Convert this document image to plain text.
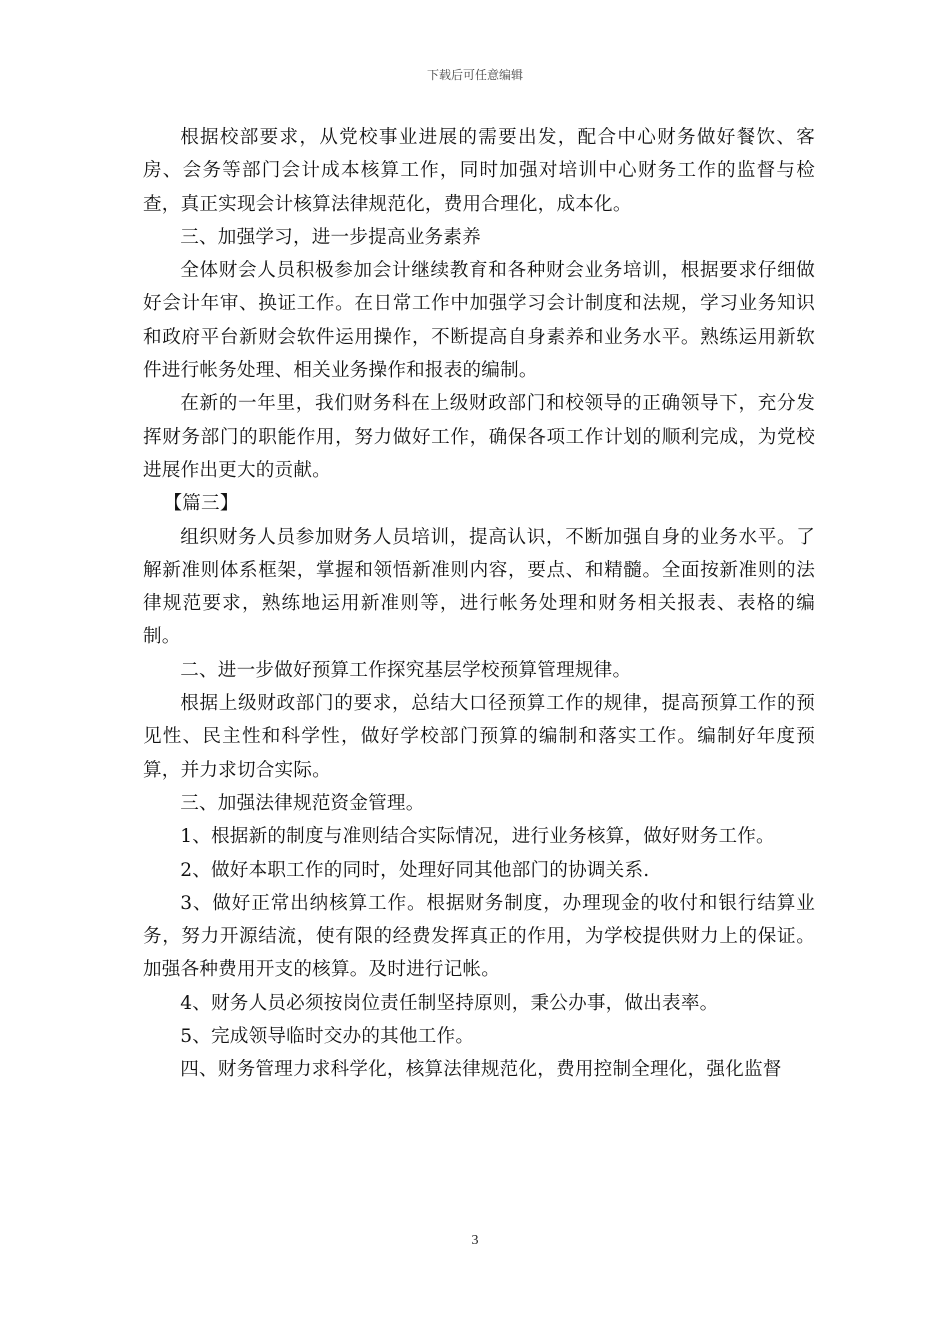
下载后可任意编辑

根据校部要求，从党校事业进展的需要出发，配合中心财务做好餐饮、客房、会务等部门会计成本核算工作，同时加强对培训中心财务工作的监督与检查，真正实现会计核算法律规范化，费用合理化，成本化。

三、加强学习，进一步提高业务素养

全体财会人员积极参加会计继续教育和各种财会业务培训，根据要求仔细做好会计年审、换证工作。在日常工作中加强学习会计制度和法规，学习业务知识和政府平台新财会软件运用操作，不断提高自身素养和业务水平。熟练运用新软件进行帐务处理、相关业务操作和报表的编制。

在新的一年里，我们财务科在上级财政部门和校领导的正确领导下，充分发挥财务部门的职能作用，努力做好工作，确保各项工作计划的顺利完成，为党校进展作出更大的贡献。

【篇三】

组织财务人员参加财务人员培训，提高认识，不断加强自身的业务水平。了解新准则体系框架，掌握和领悟新准则内容，要点、和精髓。全面按新准则的法律规范要求，熟练地运用新准则等，进行帐务处理和财务相关报表、表格的编制。

二、进一步做好预算工作探究基层学校预算管理规律。

根据上级财政部门的要求，总结大口径预算工作的规律，提高预算工作的预见性、民主性和科学性，做好学校部门预算的编制和落实工作。编制好年度预算，并力求切合实际。

三、加强法律规范资金管理。

1、根据新的制度与准则结合实际情况，进行业务核算，做好财务工作。

2、做好本职工作的同时，处理好同其他部门的协调关系.

3、做好正常出纳核算工作。根据财务制度，办理现金的收付和银行结算业务，努力开源结流，使有限的经费发挥真正的作用，为学校提供财力上的保证。加强各种费用开支的核算。及时进行记帐。

4、财务人员必须按岗位责任制坚持原则，秉公办事，做出表率。

5、完成领导临时交办的其他工作。

四、财务管理力求科学化，核算法律规范化，费用控制全理化，强化监督

3
